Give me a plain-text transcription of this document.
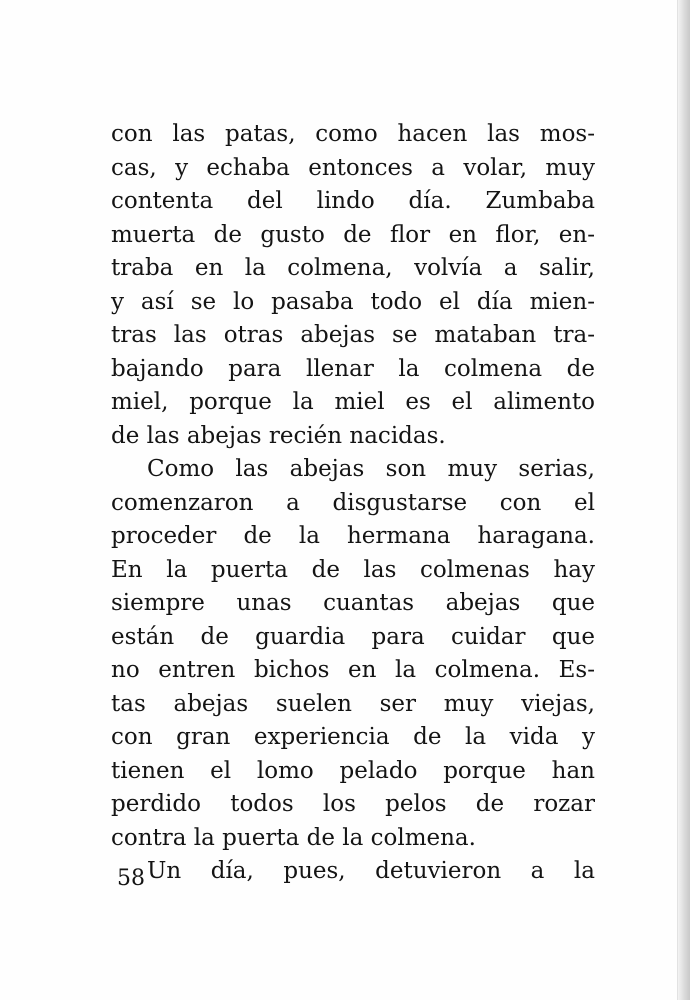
con las patas, como hacen las mos-
cas, y echaba entonces a volar, muy
contenta del lindo día. Zumbaba
muerta de gusto de flor en flor, en-
traba en la colmena, volvía a salir,
y así se lo pasaba todo el día mien-
tras las otras abejas se mataban tra-
bajando para llenar la colmena de
miel, porque la miel es el alimento
de las abejas recién nacidas.
Como las abejas son muy serias,
comenzaron a disgustarse con el
proceder de la hermana haragana.
En la puerta de las colmenas hay
siempre unas cuantas abejas que
están de guardia para cuidar que
no entren bichos en la colmena. Es-
tas abejas suelen ser muy viejas,
con gran experiencia de la vida y
tienen el lomo pelado porque han
perdido todos los pelos de rozar
contra la puerta de la colmena.
Un día, pues, detuvieron a la
58
